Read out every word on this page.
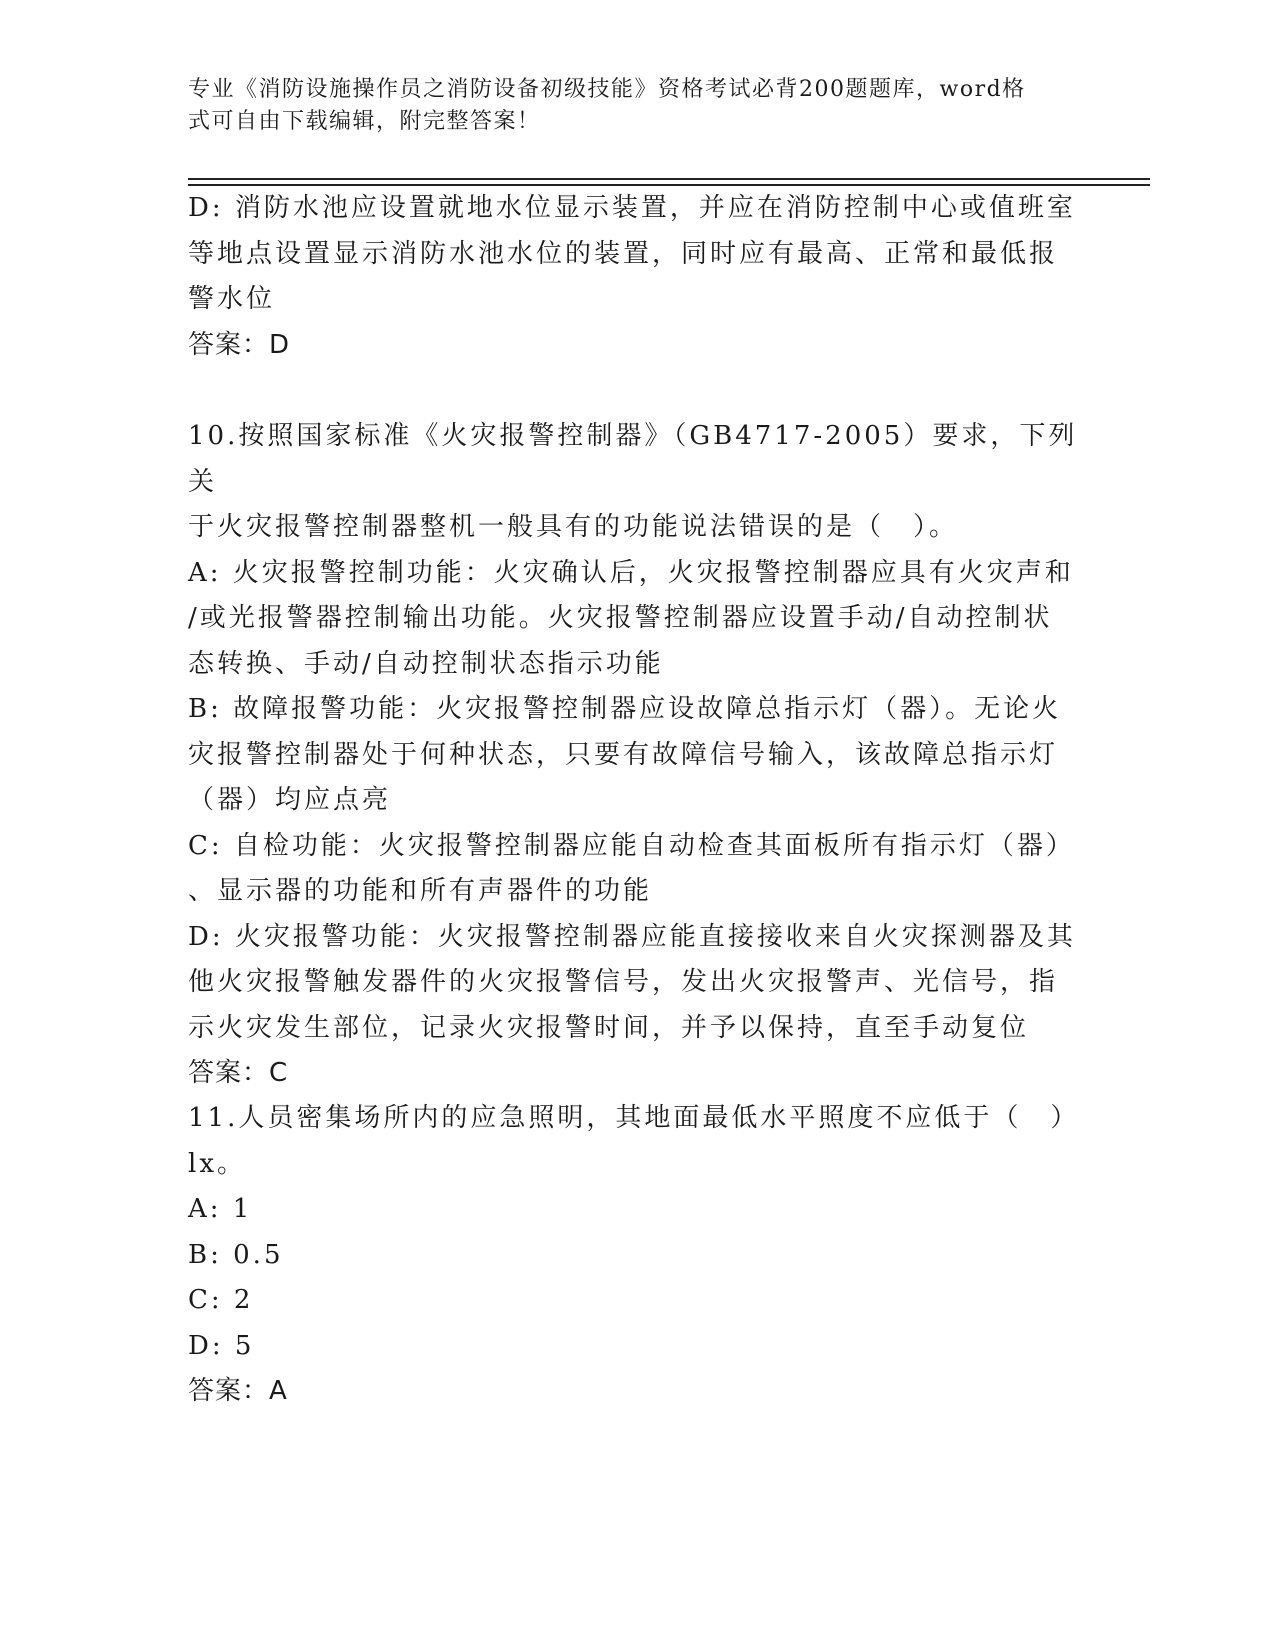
专业《消防设施操作员之消防设备初级技能》资格考试必背200题题库，word格
式可自由下载编辑，附完整答案！

D: 消防水池应设置就地水位显示装置，并应在消防控制中心或值班室

等地点设置显示消防水池水位的装置，同时应有最高、正常和最低报

警水位

答案：D

10.按照国家标准《火灾报警控制器》（GB4717-2005）要求，下列关

于火灾报警控制器整机一般具有的功能说法错误的是（　）。

A: 火灾报警控制功能：火灾确认后，火灾报警控制器应具有火灾声和

/或光报警器控制输出功能。火灾报警控制器应设置手动/自动控制状

态转换、手动/自动控制状态指示功能

B: 故障报警功能：火灾报警控制器应设故障总指示灯（器）。无论火

灾报警控制器处于何种状态，只要有故障信号输入，该故障总指示灯

（器）均应点亮

C: 自检功能：火灾报警控制器应能自动检查其面板所有指示灯（器）

、显示器的功能和所有声器件的功能

D: 火灾报警功能：火灾报警控制器应能直接接收来自火灾探测器及其

他火灾报警触发器件的火灾报警信号，发出火灾报警声、光信号，指

示火灾发生部位，记录火灾报警时间，并予以保持，直至手动复位

答案：C

11.人员密集场所内的应急照明，其地面最低水平照度不应低于（　）

lx。

A: 1

B: 0.5

C: 2

D: 5

答案：A
